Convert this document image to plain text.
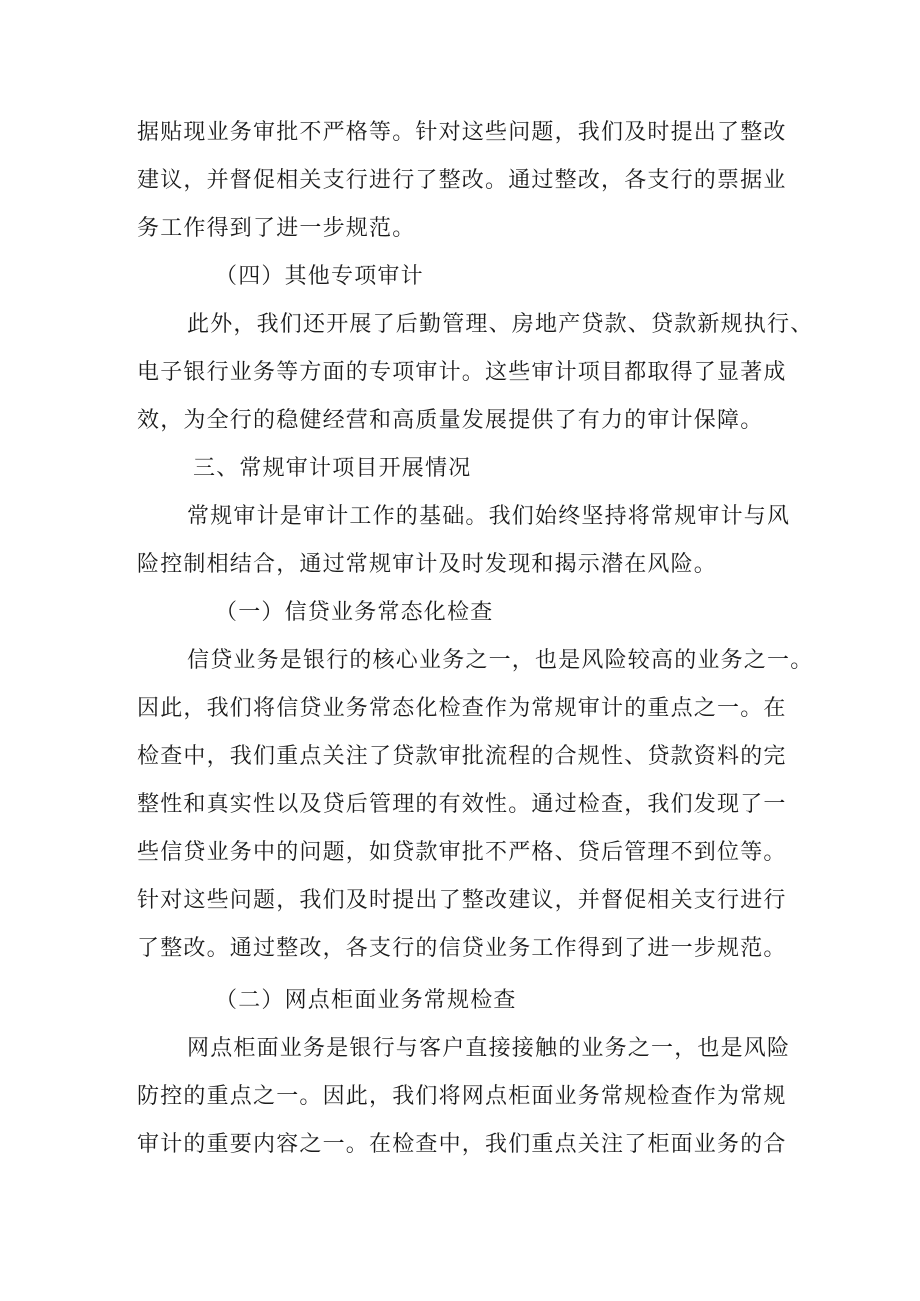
据贴现业务审批不严格等。针对这些问题，我们及时提出了整改
建议，并督促相关支行进行了整改。通过整改，各支行的票据业
务工作得到了进一步规范。
（四）其他专项审计
此外，我们还开展了后勤管理、房地产贷款、贷款新规执行、
电子银行业务等方面的专项审计。这些审计项目都取得了显著成
效，为全行的稳健经营和高质量发展提供了有力的审计保障。
三、常规审计项目开展情况
常规审计是审计工作的基础。我们始终坚持将常规审计与风
险控制相结合，通过常规审计及时发现和揭示潜在风险。
（一）信贷业务常态化检查
信贷业务是银行的核心业务之一，也是风险较高的业务之一。
因此，我们将信贷业务常态化检查作为常规审计的重点之一。在
检查中，我们重点关注了贷款审批流程的合规性、贷款资料的完
整性和真实性以及贷后管理的有效性。通过检查，我们发现了一
些信贷业务中的问题，如贷款审批不严格、贷后管理不到位等。
针对这些问题，我们及时提出了整改建议，并督促相关支行进行
了整改。通过整改，各支行的信贷业务工作得到了进一步规范。
（二）网点柜面业务常规检查
网点柜面业务是银行与客户直接接触的业务之一，也是风险
防控的重点之一。因此，我们将网点柜面业务常规检查作为常规
审计的重要内容之一。在检查中，我们重点关注了柜面业务的合
